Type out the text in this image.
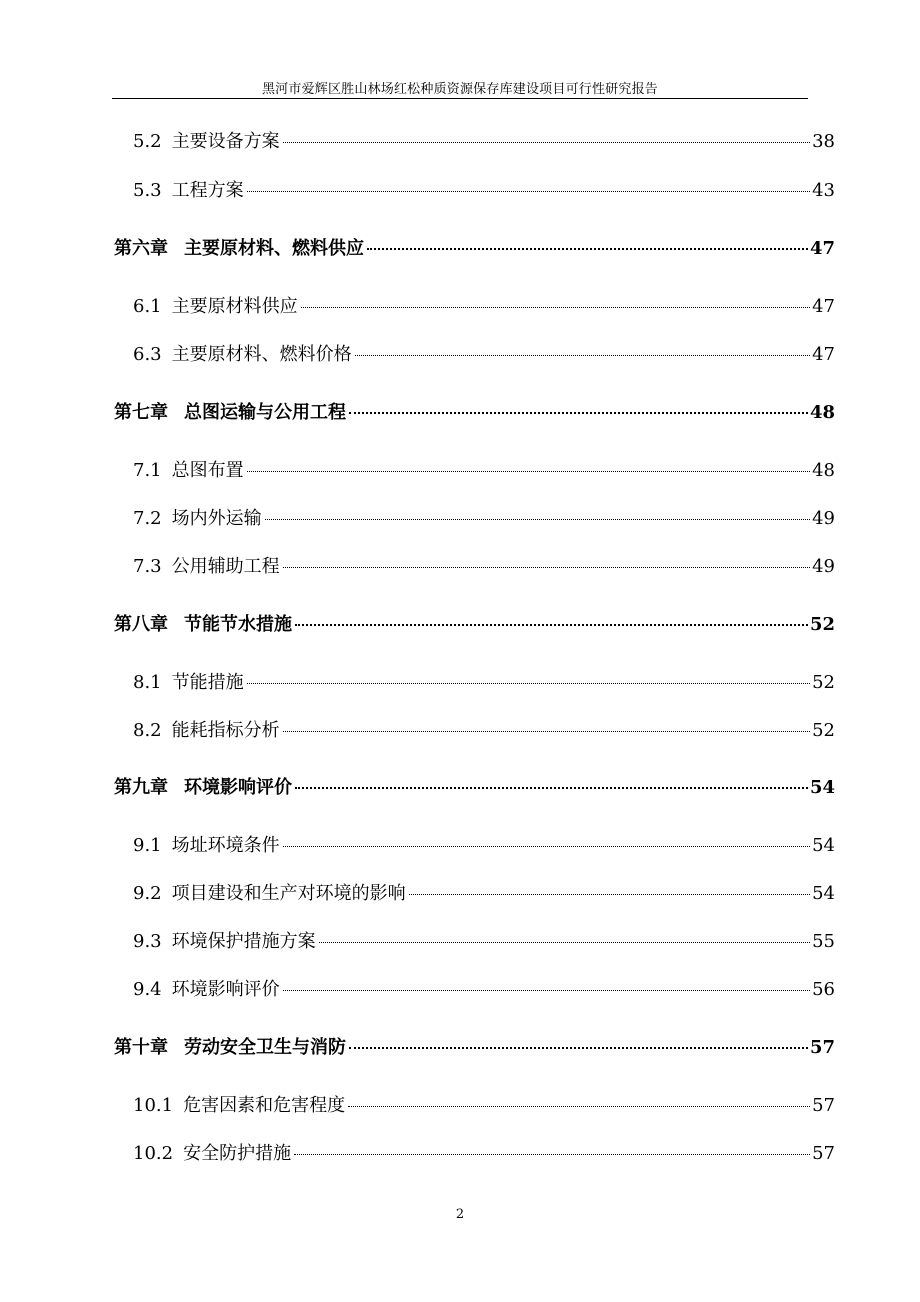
黑河市爱辉区胜山林场红松种质资源保存库建设项目可行性研究报告
5.2 主要设备方案	38
5.3 工程方案	43
第六章 主要原材料、燃料供应	47
6.1 主要原材料供应	47
6.3 主要原材料、燃料价格	47
第七章 总图运输与公用工程	48
7.1 总图布置	48
7.2 场内外运输	49
7.3 公用辅助工程	49
第八章 节能节水措施	52
8.1 节能措施	52
8.2 能耗指标分析	52
第九章 环境影响评价	54
9.1 场址环境条件	54
9.2 项目建设和生产对环境的影响	54
9.3 环境保护措施方案	55
9.4 环境影响评价	56
第十章 劳动安全卫生与消防	57
10.1 危害因素和危害程度	57
10.2 安全防护措施	57
2
